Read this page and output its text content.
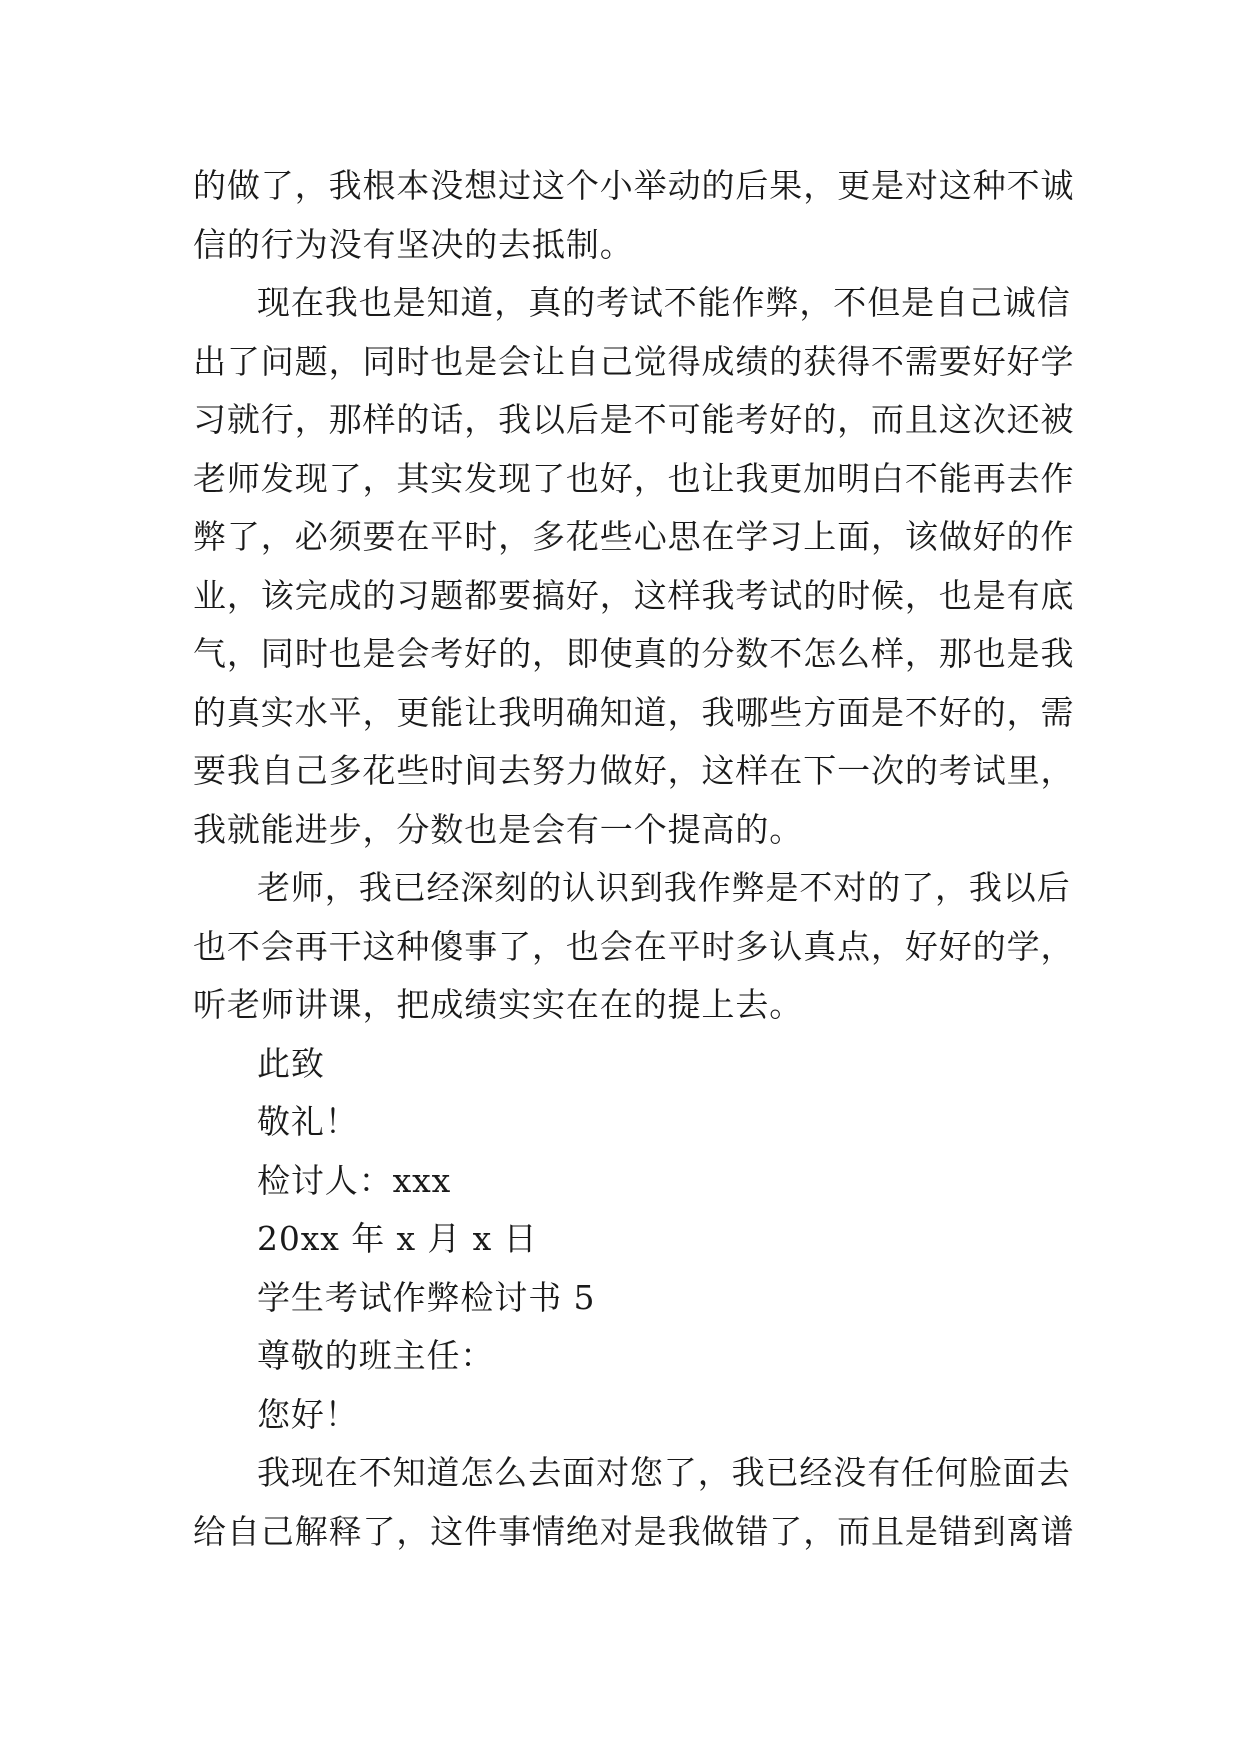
的做了，我根本没想过这个小举动的后果，更是对这种不诚
信的行为没有坚决的去抵制。
现在我也是知道，真的考试不能作弊，不但是自己诚信
出了问题，同时也是会让自己觉得成绩的获得不需要好好学
习就行，那样的话，我以后是不可能考好的，而且这次还被
老师发现了，其实发现了也好，也让我更加明白不能再去作
弊了，必须要在平时，多花些心思在学习上面，该做好的作
业，该完成的习题都要搞好，这样我考试的时候，也是有底
气，同时也是会考好的，即使真的分数不怎么样，那也是我
的真实水平，更能让我明确知道，我哪些方面是不好的，需
要我自己多花些时间去努力做好，这样在下一次的考试里，
我就能进步，分数也是会有一个提高的。
老师，我已经深刻的认识到我作弊是不对的了，我以后
也不会再干这种傻事了，也会在平时多认真点，好好的学，
听老师讲课，把成绩实实在在的提上去。
此致
敬礼！
检讨人：xxx
20xx 年 x 月 x 日
学生考试作弊检讨书 5
尊敬的班主任：
您好！
我现在不知道怎么去面对您了，我已经没有任何脸面去
给自己解释了，这件事情绝对是我做错了，而且是错到离谱
